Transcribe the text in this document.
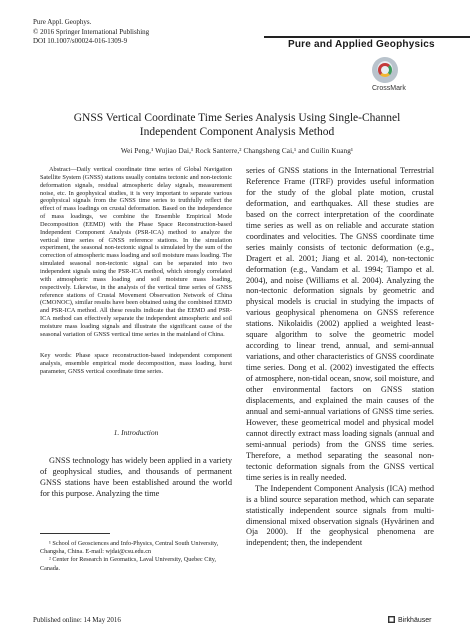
Pure Appl. Geophys.
© 2016 Springer International Publishing
DOI 10.1007/s00024-016-1309-9	Pure and Applied Geophysics
CrossMark
GNSS Vertical Coordinate Time Series Analysis Using Single-Channel Independent Component Analysis Method
Wei Peng,¹ Wujiao Dai,¹ Rock Santerre,² Changsheng Cai,¹ and Cuilin Kuang¹

Abstract—Daily vertical coordinate time series of Global Navigation Satellite System (GNSS) stations usually contains tectonic and non-tectonic deformation signals, residual atmospheric delay signals, measurement noise, etc. In geophysical studies, it is very important to separate various geophysical signals from the GNSS time series to truthfully reflect the effect of mass loadings on crustal deformation. Based on the independence of mass loadings, we combine the Ensemble Empirical Mode Decomposition (EEMD) with the Phase Space Reconstruction-based Independent Component Analysis (PSR-ICA) method to analyze the vertical time series of GNSS reference stations. In the simulation experiment, the seasonal non-tectonic signal is simulated by the sum of the correction of atmospheric mass loading and soil moisture mass loading. The simulated seasonal non-tectonic signal can be separated into two independent signals using the PSR-ICA method, which strongly correlated with atmospheric mass loading and soil moisture mass loading, respectively. Likewise, in the analysis of the vertical time series of GNSS reference stations of Crustal Movement Observation Network of China (CMONOC), similar results have been obtained using the combined EEMD and PSR-ICA method. All these results indicate that the EEMD and PSR-ICA method can effectively separate the independent atmospheric and soil moisture mass loading signals and illustrate the significant cause of the seasonal variation of GNSS vertical time series in the mainland of China.

Key words: Phase space reconstruction-based independent component analysis, ensemble empirical mode decomposition, mass loading, hurst parameter, GNSS vertical coordinate time series.

1. Introduction

GNSS technology has widely been applied in a variety of geophysical studies, and thousands of permanent GNSS stations have been established around the world for this purpose. Analyzing the time

¹ School of Geosciences and Info-Physics, Central South University, Changsha, China. E-mail: wjdai@csu.edu.cn

² Center for Research in Geomatics, Laval University, Quebec City, Canada.

series of GNSS stations in the International Terrestrial Reference Frame (ITRF) provides useful information for the study of the global plate motion, crustal deformation, and earthquakes. All these studies are based on the correct interpretation of the coordinate time series as well as on reliable and accurate station coordinates and velocities. The GNSS coordinate time series mainly consists of tectonic deformation (e.g., Dragert et al. 2001; Jiang et al. 2014), non-tectonic deformation (e.g., Vandam et al. 1994; Tiampo et al. 2004), and noise (Williams et al. 2004). Analyzing the non-tectonic deformation signals by geometric and physical models is crucial in studying the impacts of various geophysical phenomena on GNSS reference stations. Nikolaidis (2002) applied a weighted least-square algorithm to solve the geometric model according to linear trend, annual, and semi-annual variations, and other characteristics of GNSS coordinate time series. Dong et al. (2002) investigated the effects of atmosphere, non-tidal ocean, snow, soil moisture, and other environmental factors on GNSS station displacements, and explained the main causes of the annual and semi-annual variations of GNSS time series. However, these geometrical model and physical model cannot directly extract mass loading signals (annual and semi-annual periods) from the GNSS time series. Therefore, a method separating the seasonal non-tectonic deformation signals from the GNSS vertical time series is in really needed.

The Independent Component Analysis (ICA) method is a blind source separation method, which can separate statistically independent source signals from multi-dimensional mixed observation signals (Hyvärinen and Oja 2000). If the geophysical phenomena are independent; then, the independent

Published online: 14 May 2016	Birkhäuser
